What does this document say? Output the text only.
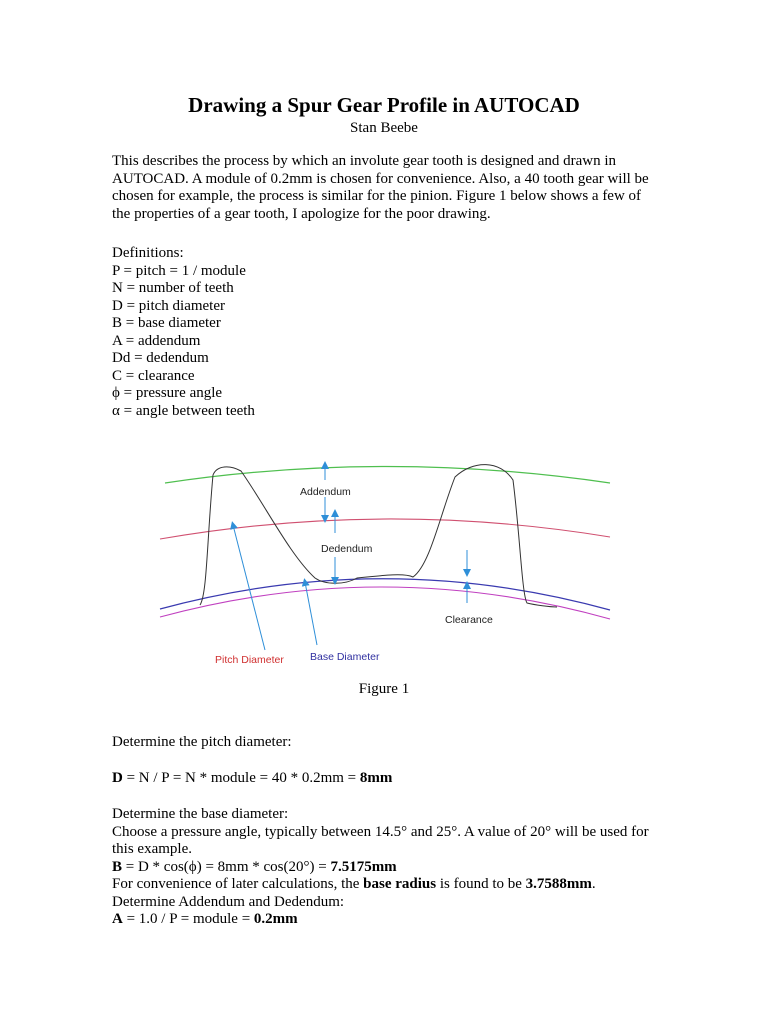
Drawing a Spur Gear Profile in AUTOCAD
Stan Beebe
This describes the process by which an involute gear tooth is designed and drawn in
AUTOCAD. A module of 0.2mm is chosen for convenience. Also, a 40 tooth gear will be
chosen for example, the process is similar for the pinion. Figure 1 below shows a few of
the properties of a gear tooth, I apologize for the poor drawing.
Definitions:
P = pitch = 1 / module
N = number of teeth
D = pitch diameter
B = base diameter
A = addendum
Dd = dedendum
C = clearance
ϕ = pressure angle
α = angle between teeth
Addendum
Dedendum
Clearance
Pitch Diameter Base Diameter
Figure 1
Determine the pitch diameter:
D = N / P = N * module = 40 * 0.2mm = 8mm
Determine the base diameter:
Choose a pressure angle, typically between 14.5° and 25°. A value of 20° will be used for
this example.
B = D * cos(ϕ) = 8mm * cos(20°) = 7.5175mm
For convenience of later calculations, the base radius is found to be 3.7588mm.
Determine Addendum and Dedendum:
A = 1.0 / P = module = 0.2mm
